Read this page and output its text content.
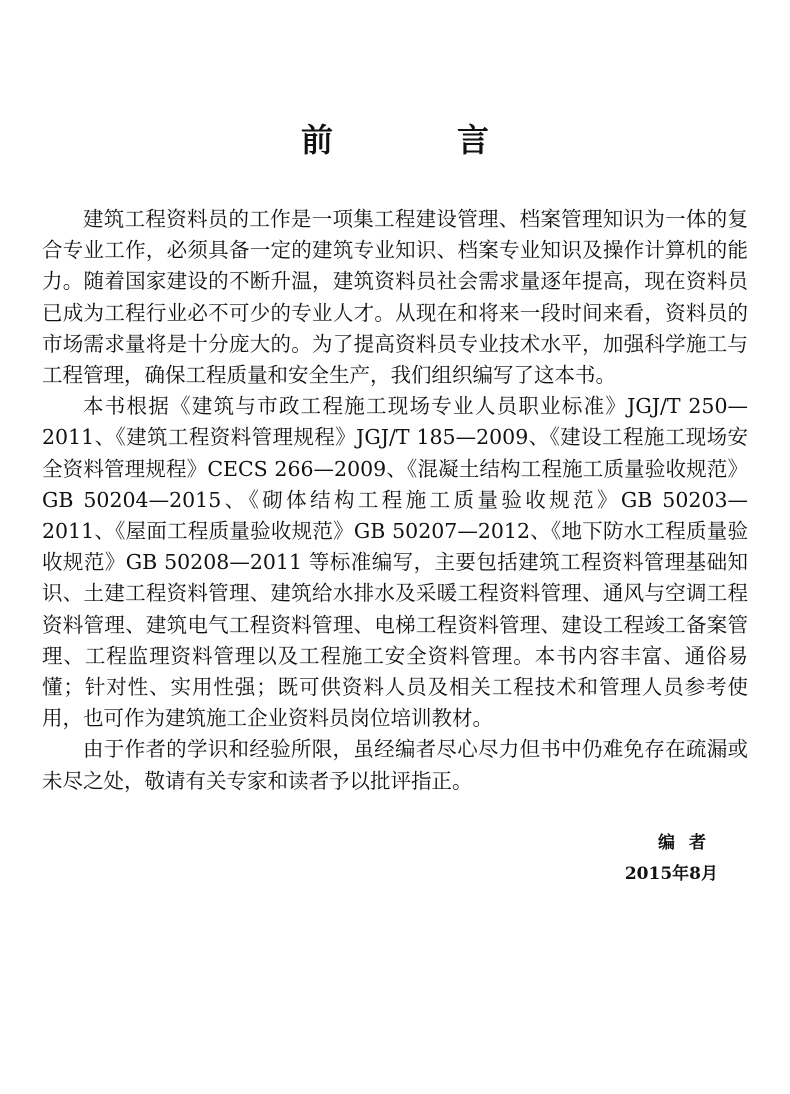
前　言

建筑工程资料员的工作是一项集工程建设管理、档案管理知识为一体的复合专业工作，必须具备一定的建筑专业知识、档案专业知识及操作计算机的能力。随着国家建设的不断升温，建筑资料员社会需求量逐年提高，现在资料员已成为工程行业必不可少的专业人才。从现在和将来一段时间来看，资料员的市场需求量将是十分庞大的。为了提高资料员专业技术水平，加强科学施工与工程管理，确保工程质量和安全生产，我们组织编写了这本书。

本书根据《建筑与市政工程施工现场专业人员职业标准》JGJ/T 250—2011、《建筑工程资料管理规程》JGJ/T 185—2009、《建设工程施工现场安全资料管理规程》CECS 266—2009、《混凝土结构工程施工质量验收规范》GB 50204—2015、《砌体结构工程施工质量验收规范》GB 50203—2011、《屋面工程质量验收规范》GB 50207—2012、《地下防水工程质量验收规范》GB 50208—2011 等标准编写，主要包括建筑工程资料管理基础知识、土建工程资料管理、建筑给水排水及采暖工程资料管理、通风与空调工程资料管理、建筑电气工程资料管理、电梯工程资料管理、建设工程竣工备案管理、工程监理资料管理以及工程施工安全资料管理。本书内容丰富、通俗易懂；针对性、实用性强；既可供资料人员及相关工程技术和管理人员参考使用，也可作为建筑施工企业资料员岗位培训教材。

由于作者的学识和经验所限，虽经编者尽心尽力但书中仍难免存在疏漏或未尽之处，敬请有关专家和读者予以批评指正。

编者
2015年8月
